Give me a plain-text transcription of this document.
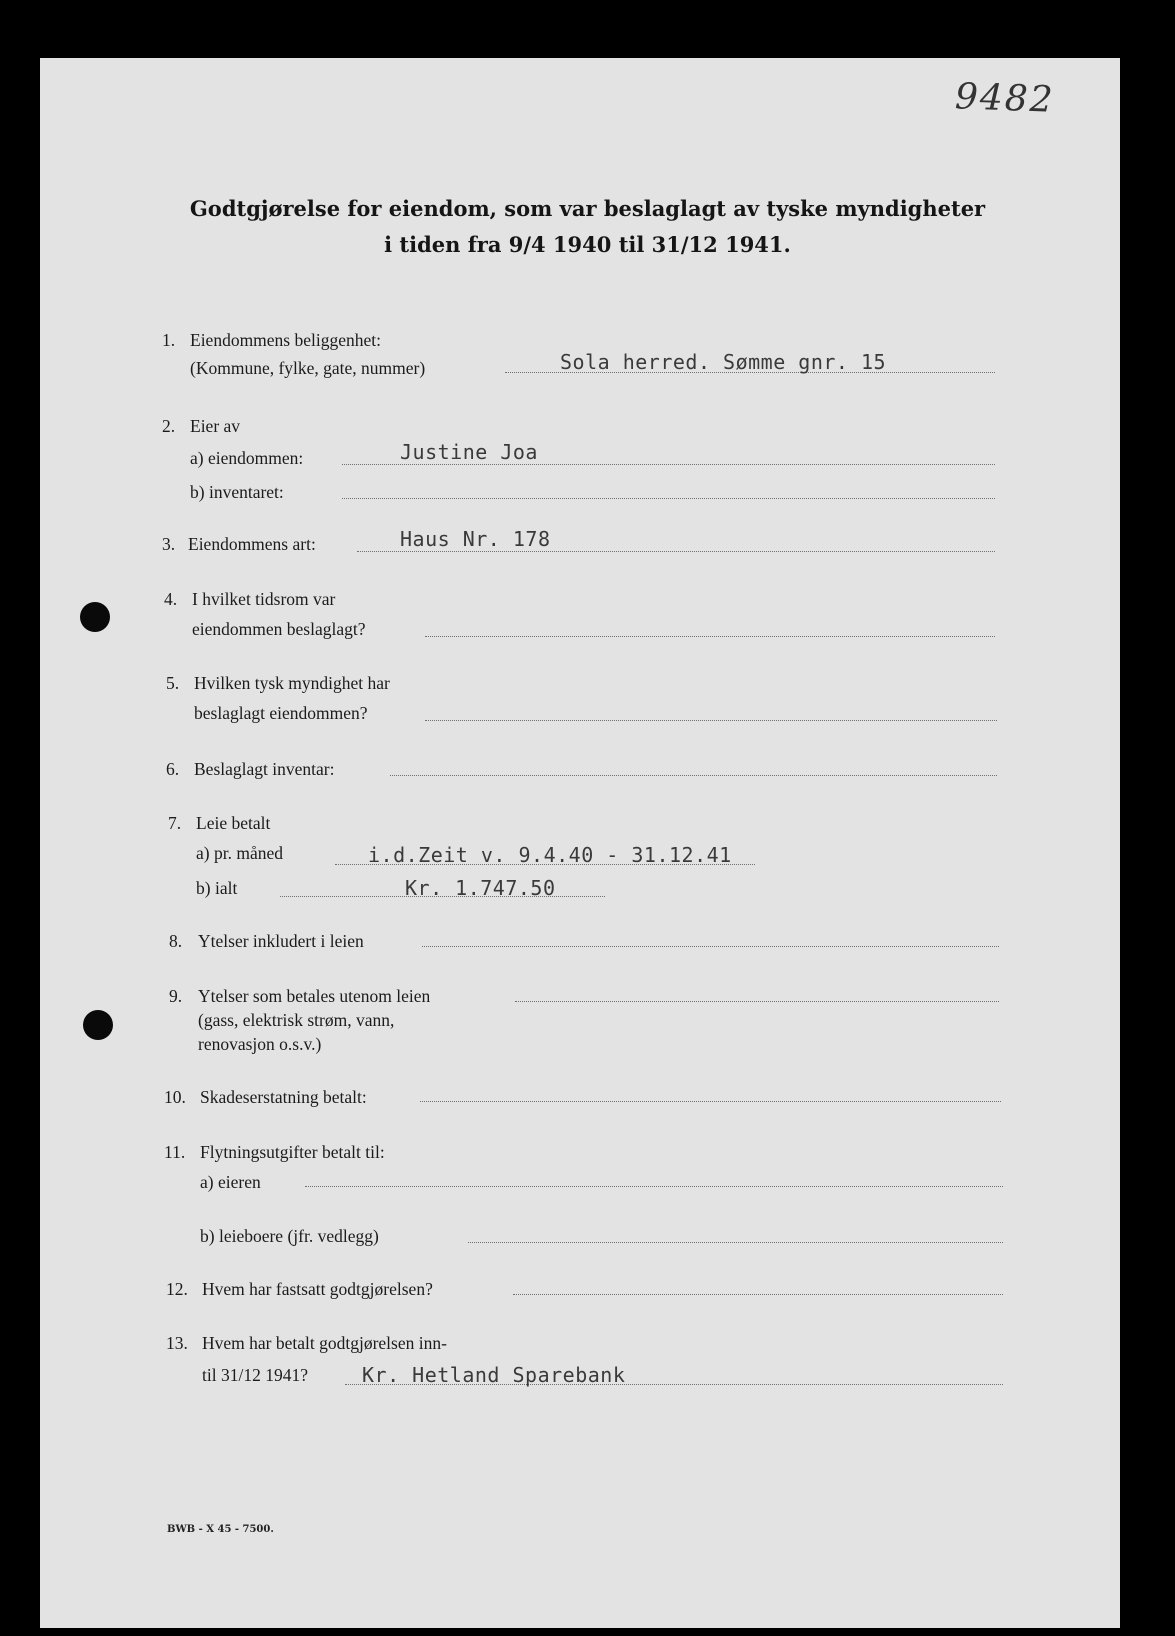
9482
Godtgjørelse for eiendom, som var beslaglagt av tyske myndigheter
i tiden fra 9/4 1940 til 31/12 1941.
1. Eiendommens beliggenhet:
(Kommune, fylke, gate, nummer)	Sola herred. Sømme gnr. 15
2. Eier av
a) eiendommen:	Justine Joa
b) inventaret:
3. Eiendommens art:	Haus Nr. 178
4. I hvilket tidsrom var
eiendommen beslaglagt?
5. Hvilken tysk myndighet har
beslaglagt eiendommen?
6. Beslaglagt inventar:
7. Leie betalt
a) pr. måned	i.d.Zeit v. 9.4.40 - 31.12.41
b) ialt	Kr. 1.747.50
8. Ytelser inkludert i leien
9. Ytelser som betales utenom leien
(gass, elektrisk strøm, vann,
renovasjon o.s.v.)
10. Skadeserstatning betalt:
11. Flytningsutgifter betalt til:
a) eieren
b) leieboere (jfr. vedlegg)
12. Hvem har fastsatt godtgjørelsen?
13. Hvem har betalt godtgjørelsen inn-
til 31/12 1941?	Kr. Hetland Sparebank
BWB - X 45 - 7500.
